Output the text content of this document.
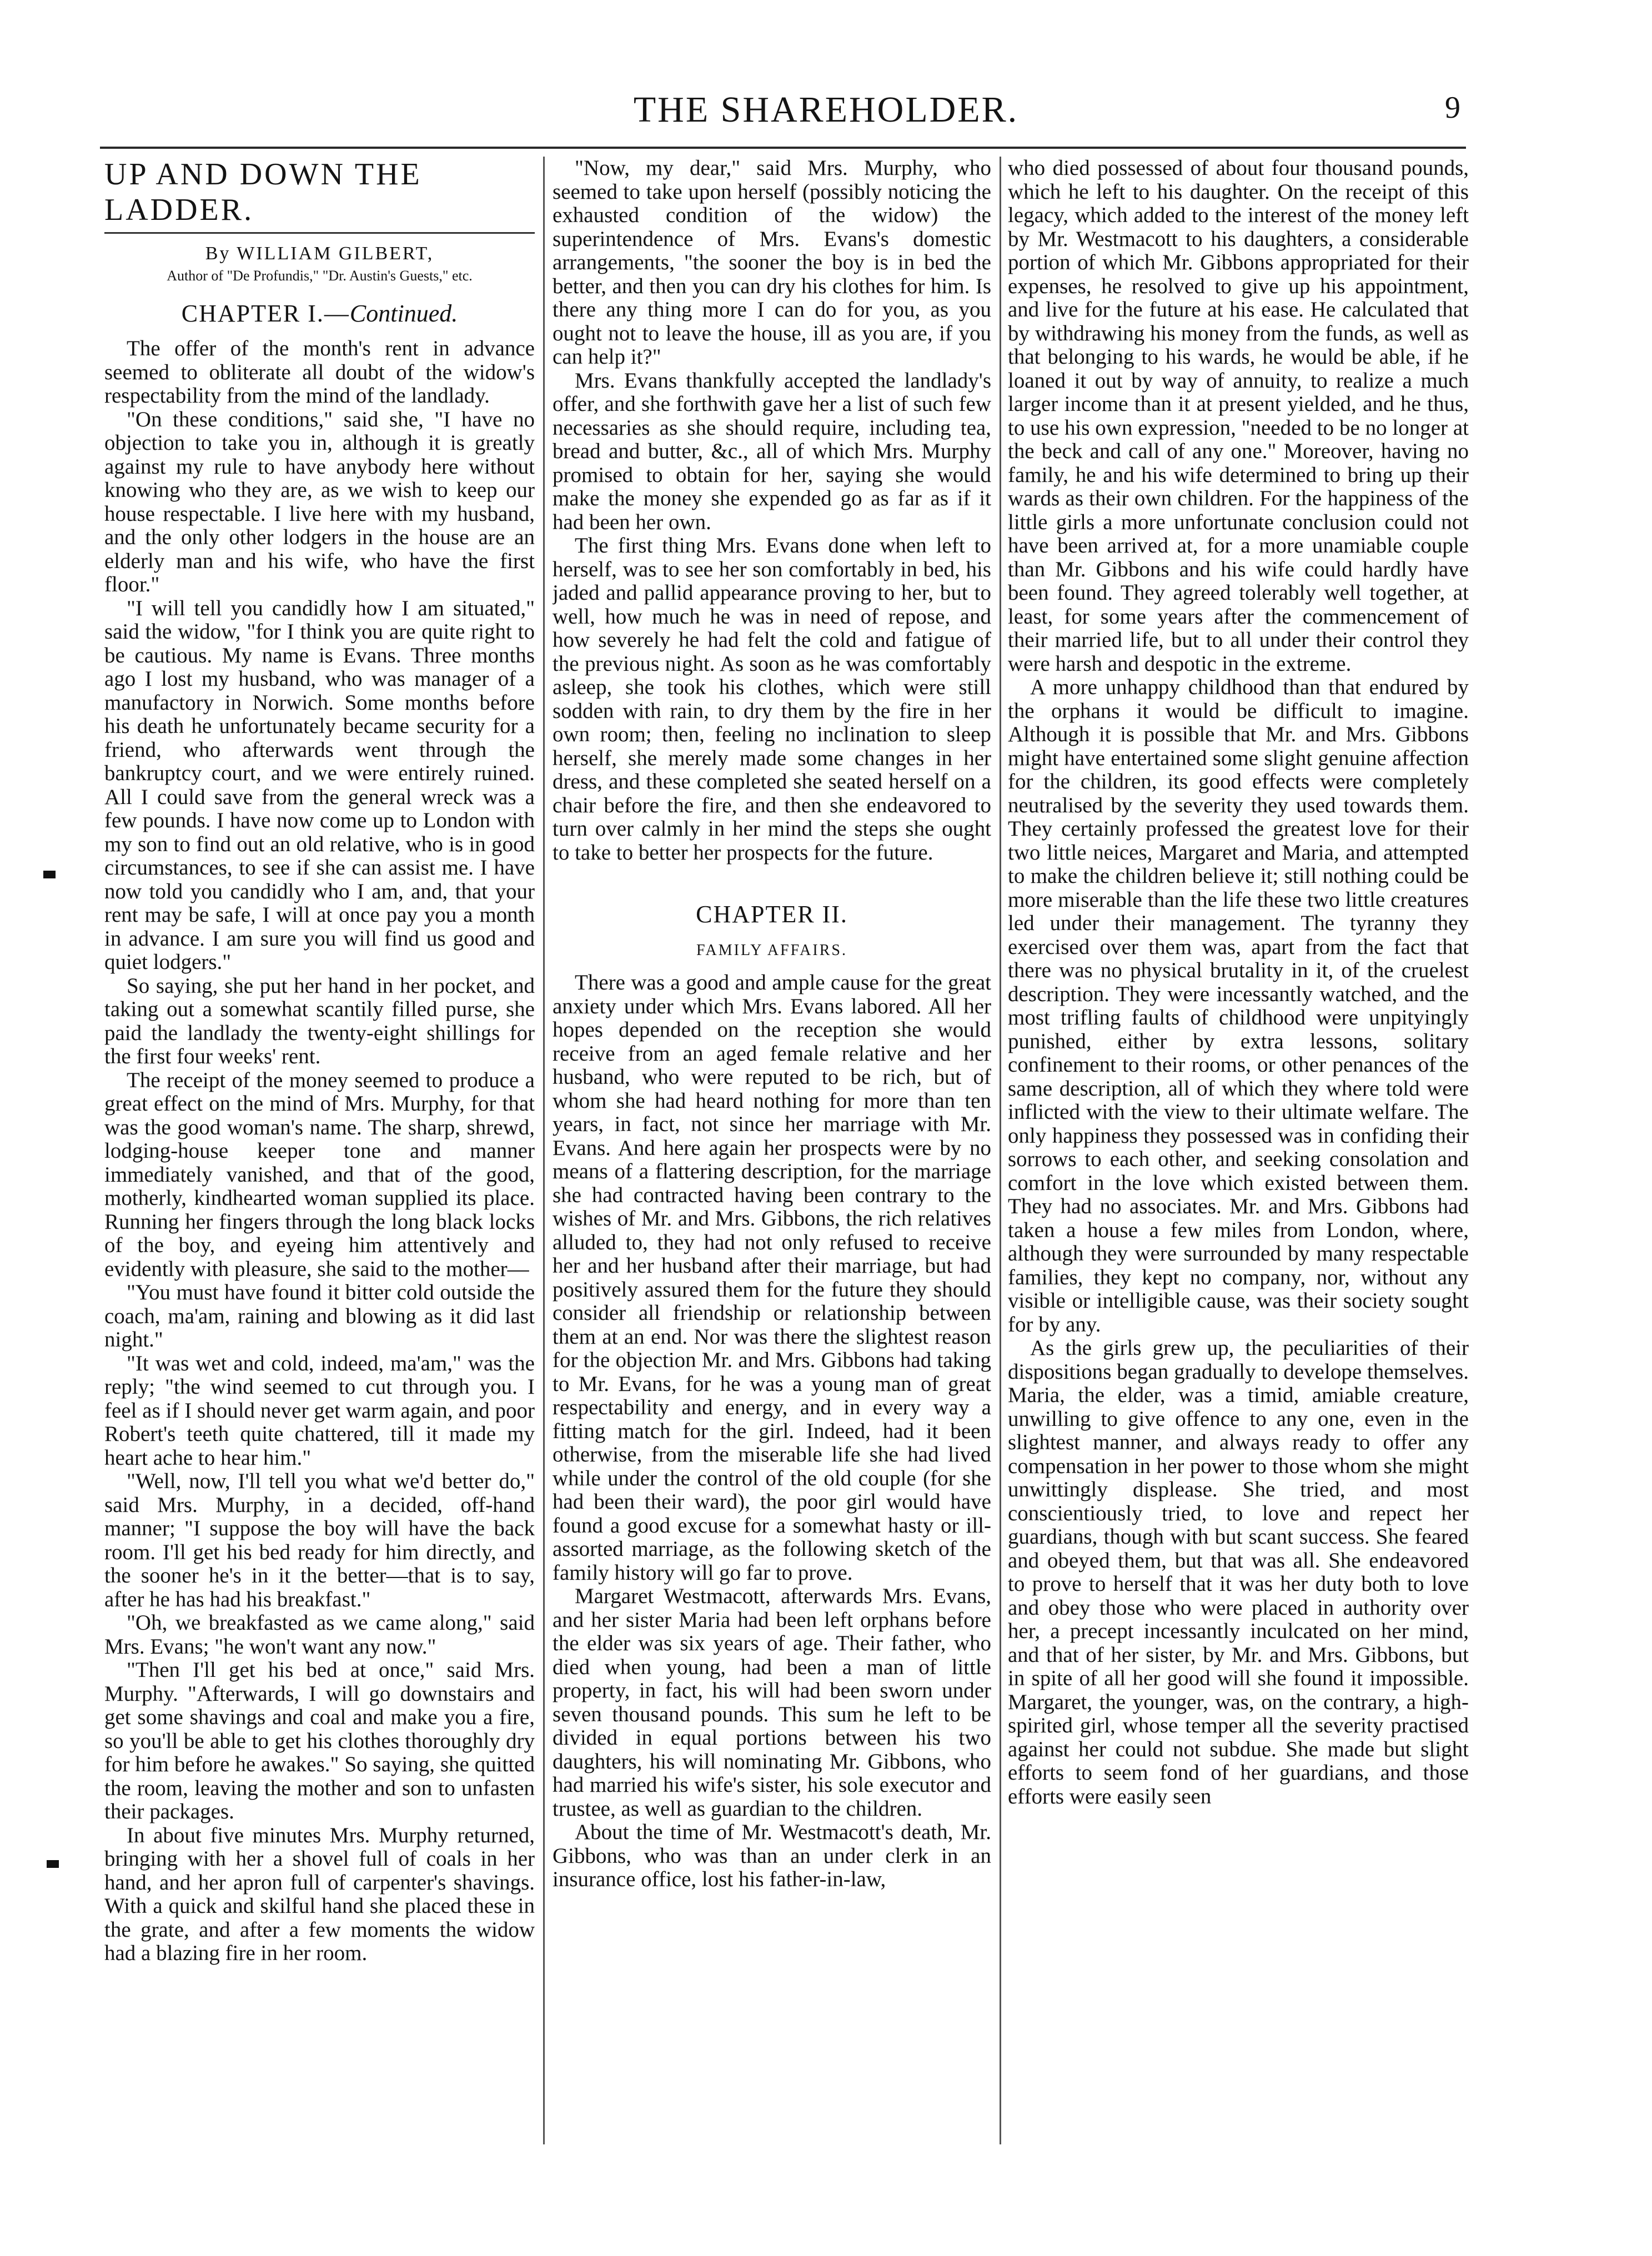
THE SHAREHOLDER.	9
UP AND DOWN THE LADDER.
By WILLIAM GILBERT,
Author of "De Profundis," "Dr. Austin's Guests," etc.
CHAPTER I.—Continued.

The offer of the month's rent in advance seemed to obliterate all doubt of the widow's respectability from the mind of the landlady.

"On these conditions," said she, "I have no objection to take you in, although it is greatly against my rule to have anybody here without knowing who they are, as we wish to keep our house respectable. I live here with my husband, and the only other lodgers in the house are an elderly man and his wife, who have the first floor."

"I will tell you candidly how I am situated," said the widow, "for I think you are quite right to be cautious. My name is Evans. Three months ago I lost my husband, who was manager of a manufactory in Norwich. Some months before his death he unfortunately became security for a friend, who afterwards went through the bankruptcy court, and we were entirely ruined. All I could save from the general wreck was a few pounds. I have now come up to London with my son to find out an old relative, who is in good circumstances, to see if she can assist me. I have now told you candidly who I am, and, that your rent may be safe, I will at once pay you a month in advance. I am sure you will find us good and quiet lodgers."

So saying, she put her hand in her pocket, and taking out a somewhat scantily filled purse, she paid the landlady the twenty-eight shillings for the first four weeks' rent.

The receipt of the money seemed to produce a great effect on the mind of Mrs. Murphy, for that was the good woman's name. The sharp, shrewd, lodging-house keeper tone and manner immediately vanished, and that of the good, motherly, kindhearted woman supplied its place. Running her fingers through the long black locks of the boy, and eyeing him attentively and evidently with pleasure, she said to the mother—

"You must have found it bitter cold outside the coach, ma'am, raining and blowing as it did last night."

"It was wet and cold, indeed, ma'am," was the reply; "the wind seemed to cut through you. I feel as if I should never get warm again, and poor Robert's teeth quite chattered, till it made my heart ache to hear him."

"Well, now, I'll tell you what we'd better do," said Mrs. Murphy, in a decided, off-hand manner; "I suppose the boy will have the back room. I'll get his bed ready for him directly, and the sooner he's in it the better—that is to say, after he has had his breakfast."

"Oh, we breakfasted as we came along," said Mrs. Evans; "he won't want any now."

"Then I'll get his bed at once," said Mrs. Murphy. "Afterwards, I will go downstairs and get some shavings and coal and make you a fire, so you'll be able to get his clothes thoroughly dry for him before he awakes." So saying, she quitted the room, leaving the mother and son to unfasten their packages.

In about five minutes Mrs. Murphy returned, bringing with her a shovel full of coals in her hand, and her apron full of carpenter's shavings. With a quick and skilful hand she placed these in the grate, and after a few moments the widow had a blazing fire in her room.

"Now, my dear," said Mrs. Murphy, who seemed to take upon herself (possibly noticing the exhausted condition of the widow) the superintendence of Mrs. Evans's domestic arrangements, "the sooner the boy is in bed the better, and then you can dry his clothes for him. Is there any thing more I can do for you, as you ought not to leave the house, ill as you are, if you can help it?"

Mrs. Evans thankfully accepted the landlady's offer, and she forthwith gave her a list of such few necessaries as she should require, including tea, bread and butter, &c., all of which Mrs. Murphy promised to obtain for her, saying she would make the money she expended go as far as if it had been her own.

The first thing Mrs. Evans done when left to herself, was to see her son comfortably in bed, his jaded and pallid appearance proving to her, but to well, how much he was in need of repose, and how severely he had felt the cold and fatigue of the previous night. As soon as he was comfortably asleep, she took his clothes, which were still sodden with rain, to dry them by the fire in her own room; then, feeling no inclination to sleep herself, she merely made some changes in her dress, and these completed she seated herself on a chair before the fire, and then she endeavored to turn over calmly in her mind the steps she ought to take to better her prospects for the future.

CHAPTER II.
FAMILY AFFAIRS.

There was a good and ample cause for the great anxiety under which Mrs. Evans labored. All her hopes depended on the reception she would receive from an aged female relative and her husband, who were reputed to be rich, but of whom she had heard nothing for more than ten years, in fact, not since her marriage with Mr. Evans. And here again her prospects were by no means of a flattering description, for the marriage she had contracted having been contrary to the wishes of Mr. and Mrs. Gibbons, the rich relatives alluded to, they had not only refused to receive her and her husband after their marriage, but had positively assured them for the future they should consider all friendship or relationship between them at an end. Nor was there the slightest reason for the objection Mr. and Mrs. Gibbons had taking to Mr. Evans, for he was a young man of great respectability and energy, and in every way a fitting match for the girl. Indeed, had it been otherwise, from the miserable life she had lived while under the control of the old couple (for she had been their ward), the poor girl would have found a good excuse for a somewhat hasty or ill-assorted marriage, as the following sketch of the family history will go far to prove.

Margaret Westmacott, afterwards Mrs. Evans, and her sister Maria had been left orphans before the elder was six years of age. Their father, who died when young, had been a man of little property, in fact, his will had been sworn under seven thousand pounds. This sum he left to be divided in equal portions between his two daughters, his will nominating Mr. Gibbons, who had married his wife's sister, his sole executor and trustee, as well as guardian to the children.

About the time of Mr. Westmacott's death, Mr. Gibbons, who was than an under clerk in an insurance office, lost his father-in-law,

who died possessed of about four thousand pounds, which he left to his daughter. On the receipt of this legacy, which added to the interest of the money left by Mr. Westmacott to his daughters, a considerable portion of which Mr. Gibbons appropriated for their expenses, he resolved to give up his appointment, and live for the future at his ease. He calculated that by withdrawing his money from the funds, as well as that belonging to his wards, he would be able, if he loaned it out by way of annuity, to realize a much larger income than it at present yielded, and he thus, to use his own expression, "needed to be no longer at the beck and call of any one." Moreover, having no family, he and his wife determined to bring up their wards as their own children. For the happiness of the little girls a more unfortunate conclusion could not have been arrived at, for a more unamiable couple than Mr. Gibbons and his wife could hardly have been found. They agreed tolerably well together, at least, for some years after the commencement of their married life, but to all under their control they were harsh and despotic in the extreme.

A more unhappy childhood than that endured by the orphans it would be difficult to imagine. Although it is possible that Mr. and Mrs. Gibbons might have entertained some slight genuine affection for the children, its good effects were completely neutralised by the severity they used towards them. They certainly professed the greatest love for their two little neices, Margaret and Maria, and attempted to make the children believe it; still nothing could be more miserable than the life these two little creatures led under their management. The tyranny they exercised over them was, apart from the fact that there was no physical brutality in it, of the cruelest description. They were incessantly watched, and the most trifling faults of childhood were unpityingly punished, either by extra lessons, solitary confinement to their rooms, or other penances of the same description, all of which they where told were inflicted with the view to their ultimate welfare. The only happiness they possessed was in confiding their sorrows to each other, and seeking consolation and comfort in the love which existed between them. They had no associates. Mr. and Mrs. Gibbons had taken a house a few miles from London, where, although they were surrounded by many respectable families, they kept no company, nor, without any visible or intelligible cause, was their society sought for by any.

As the girls grew up, the peculiarities of their dispositions began gradually to develope themselves. Maria, the elder, was a timid, amiable creature, unwilling to give offence to any one, even in the slightest manner, and always ready to offer any compensation in her power to those whom she might unwittingly displease. She tried, and most conscientiously tried, to love and repect her guardians, though with but scant success. She feared and obeyed them, but that was all. She endeavored to prove to herself that it was her duty both to love and obey those who were placed in authority over her, a precept incessantly inculcated on her mind, and that of her sister, by Mr. and Mrs. Gibbons, but in spite of all her good will she found it impossible. Margaret, the younger, was, on the contrary, a high-spirited girl, whose temper all the severity practised against her could not subdue. She made but slight efforts to seem fond of her guardians, and those efforts were easily seen
